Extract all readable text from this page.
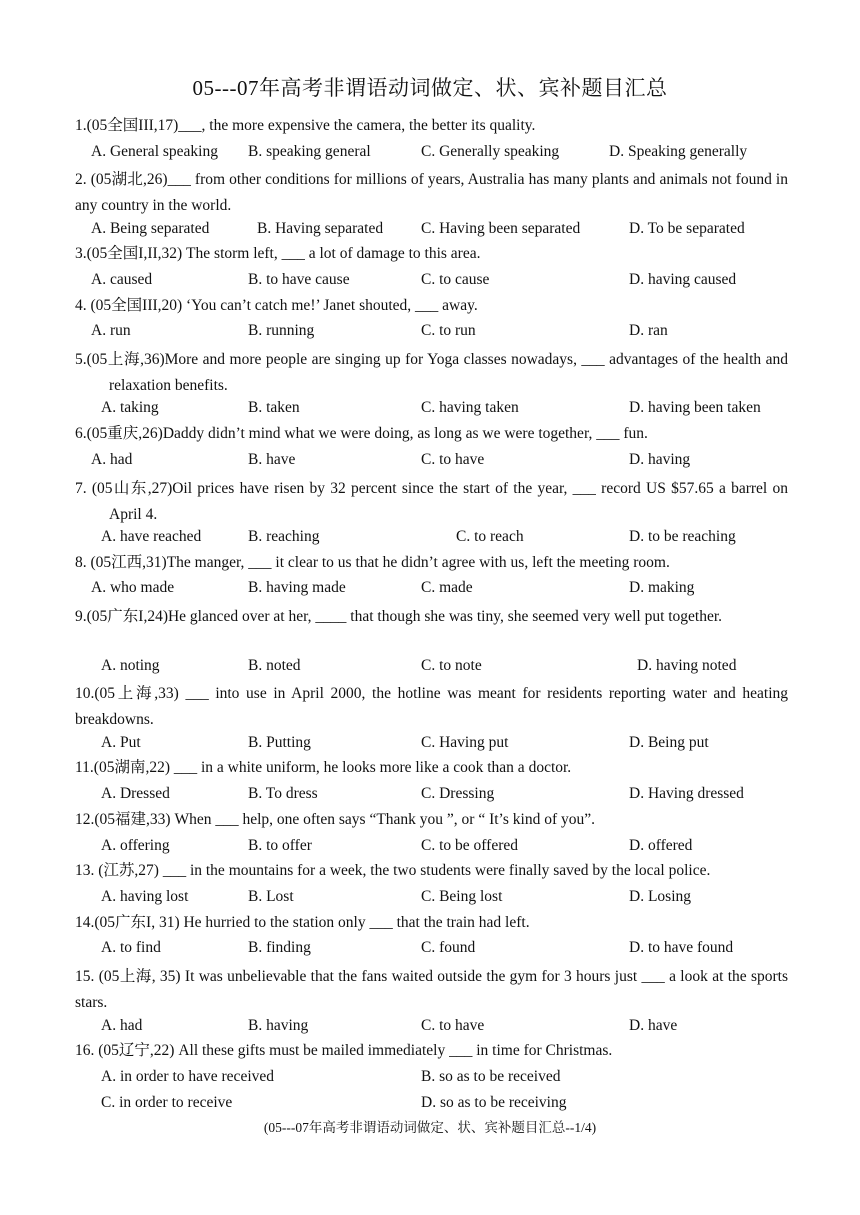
05---07年高考非谓语动词做定、状、宾补题目汇总
1.(05全国III,17)___, the more expensive the camera, the better its quality.
A. General speaking B. speaking general	C. Generally speaking	D. Speaking generally
2. (05湖北,26)___ from other conditions for millions of years, Australia has many plants and animals not found in any country in the world.
A. Being separated	B. Having separated C. Having been separated	D. To be separated
3.(05全国I,II,32) The storm left, ___ a lot of damage to this area.
A. caused	B. to have cause	C. to cause	D. having caused
4. (05全国III,20) ‘You can’t catch me!’ Janet shouted, ___ away.
A. run	B. running	C. to run	D. ran
5.(05上海,36)More and more people are singing up for Yoga classes nowadays, ___ advantages of the health and relaxation benefits.
A. taking	B. taken	C. having taken	D. having been taken
6.(05重庆,26)Daddy didn’t mind what we were doing, as long as we were together, ___ fun.
A. had	B. have	C. to have	D. having
7. (05山东,27)Oil prices have risen by 32 percent since the start of the year, ___ record US $57.65 a barrel on April 4.
A. have reached	B. reaching	C. to reach	D. to be reaching
8. (05江西,31)The manger, ___ it clear to us that he didn’t agree with us, left the meeting room.
A. who made	B. having made	C. made	D. making
9.(05广东I,24)He glanced over at her, ____ that though she was tiny, she seemed very well put together.
A. noting	B. noted	C. to note	D. having noted
10.(05上海,33) ___ into use in April 2000, the hotline was meant for residents reporting water and heating breakdowns.
A. Put	B. Putting	C. Having put	D. Being put
11.(05湖南,22) ___ in a white uniform, he looks more like a cook than a doctor.
A. Dressed	B. To dress	C. Dressing	D. Having dressed
12.(05福建,33) When ___ help, one often says “Thank you ”, or “ It’s kind of you”.
A. offering	B. to offer	C. to be offered	D. offered
13. (江苏,27) ___ in the mountains for a week, the two students were finally saved by the local police.
A. having lost	B. Lost	C. Being lost	D. Losing
14.(05广东I, 31) He hurried to the station only ___ that the train had left.
A. to find	B. finding	C. found	D. to have found
15. (05上海, 35) It was unbelievable that the fans waited outside the gym for 3 hours just ___ a look at the sports stars.
A. had	B. having	C. to have	D. have
16. (05辽宁,22) All these gifts must be mailed immediately ___ in time for Christmas.
A. in order to have received	B. so as to be received
C. in order to receive	D. so as to be receiving
(05---07年高考非谓语动词做定、状、宾补题目汇总--1/4)
